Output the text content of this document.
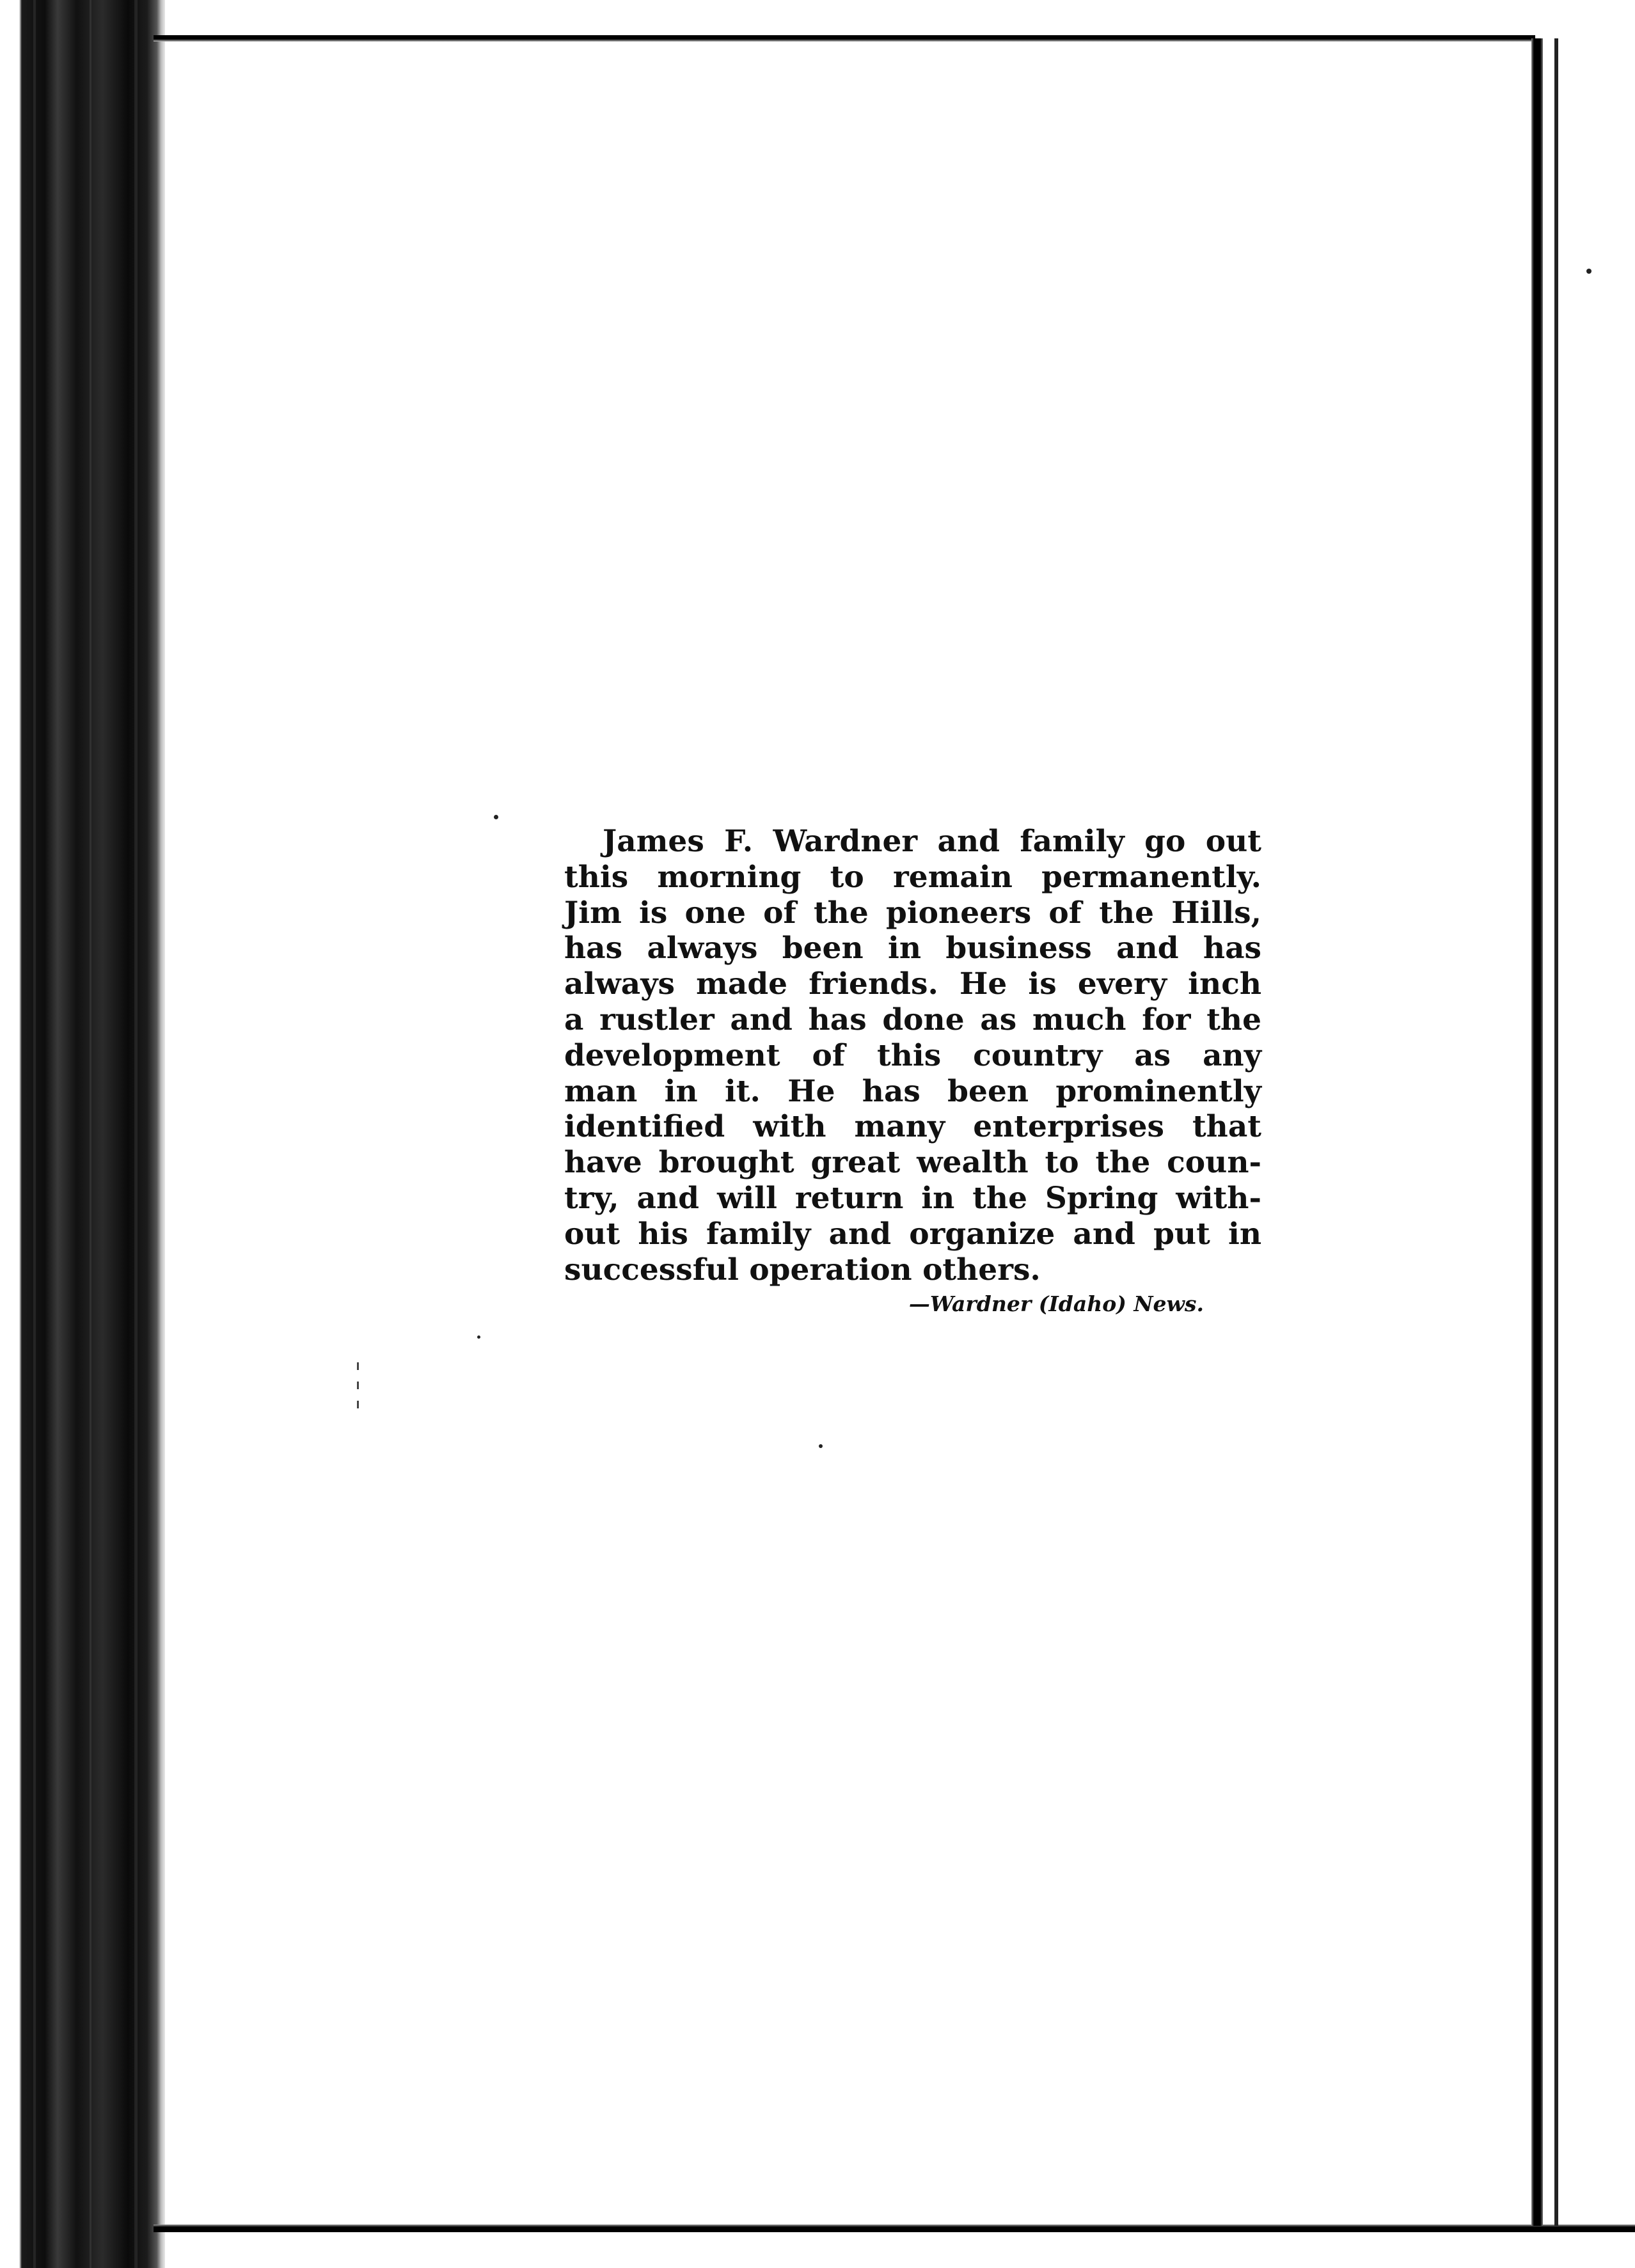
James F. Wardner and family go out
this morning to remain permanently.
Jim is one of the pioneers of the Hills,
has always been in business and has
always made friends. He is every inch
a rustler and has done as much for the
development of this country as any
man in it. He has been prominently
identified with many enterprises that
have brought great wealth to the coun-
try, and will return in the Spring with-
out his family and organize and put in
successful operation others.

—Wardner (Idaho) News.
